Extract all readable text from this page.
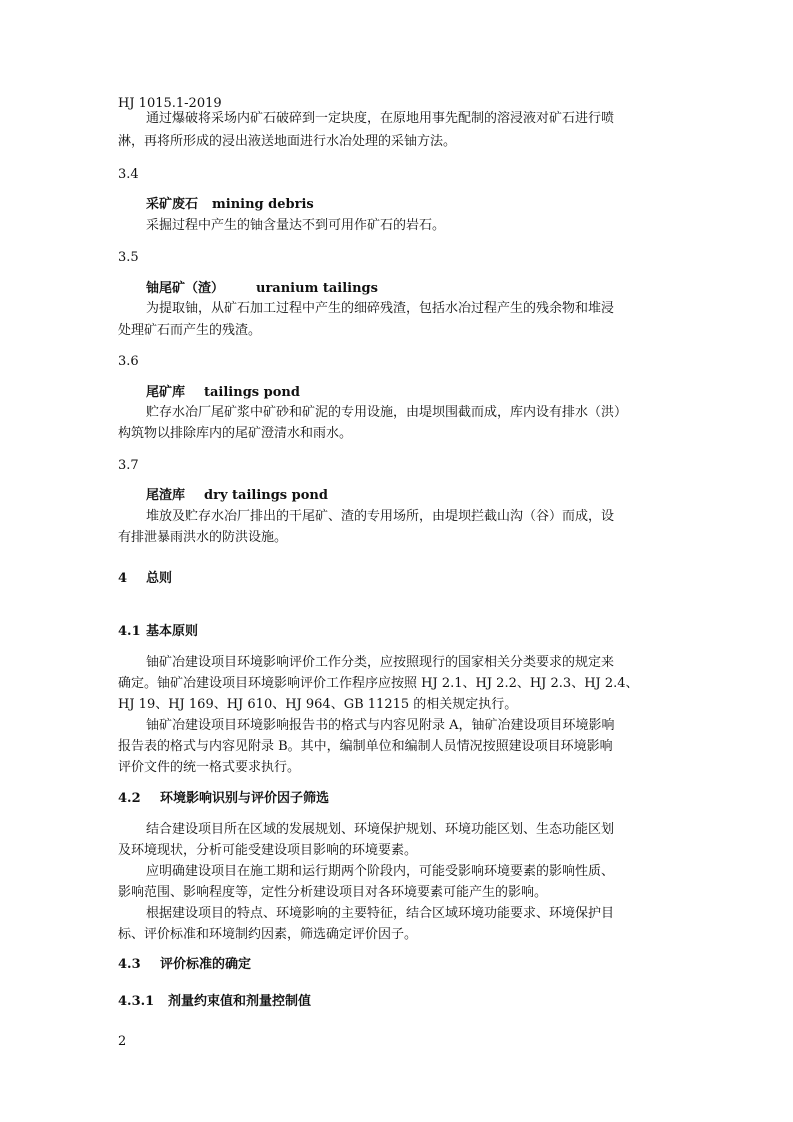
HJ 1015.1-2019
通过爆破将采场内矿石破碎到一定块度，在原地用事先配制的溶浸液对矿石进行喷
淋，再将所形成的浸出液送地面进行水冶处理的采铀方法。
3.4
采矿废石 mining debris
采掘过程中产生的铀含量达不到可用作矿石的岩石。
3.5
铀尾矿（渣） uranium tailings
为提取铀，从矿石加工过程中产生的细碎残渣，包括水冶过程产生的残余物和堆浸
处理矿石而产生的残渣。
3.6
尾矿库 tailings pond
贮存水冶厂尾矿浆中矿砂和矿泥的专用设施，由堤坝围截而成，库内设有排水（洪）
构筑物以排除库内的尾矿澄清水和雨水。
3.7
尾渣库 dry tailings pond
堆放及贮存水冶厂排出的干尾矿、渣的专用场所，由堤坝拦截山沟（谷）而成，设
有排泄暴雨洪水的防洪设施。
4 总则
4.1 基本原则
铀矿冶建设项目环境影响评价工作分类，应按照现行的国家相关分类要求的规定来
确定。铀矿冶建设项目环境影响评价工作程序应按照 HJ 2.1、HJ 2.2、HJ 2.3、HJ 2.4、
HJ 19、HJ 169、HJ 610、HJ 964、GB 11215 的相关规定执行。
铀矿冶建设项目环境影响报告书的格式与内容见附录 A，铀矿冶建设项目环境影响
报告表的格式与内容见附录 B。其中，编制单位和编制人员情况按照建设项目环境影响
评价文件的统一格式要求执行。
4.2 环境影响识别与评价因子筛选
结合建设项目所在区域的发展规划、环境保护规划、环境功能区划、生态功能区划
及环境现状，分析可能受建设项目影响的环境要素。
应明确建设项目在施工期和运行期两个阶段内，可能受影响环境要素的影响性质、
影响范围、影响程度等，定性分析建设项目对各环境要素可能产生的影响。
根据建设项目的特点、环境影响的主要特征，结合区域环境功能要求、环境保护目
标、评价标准和环境制约因素，筛选确定评价因子。
4.3 评价标准的确定
4.3.1 剂量约束值和剂量控制值
2
